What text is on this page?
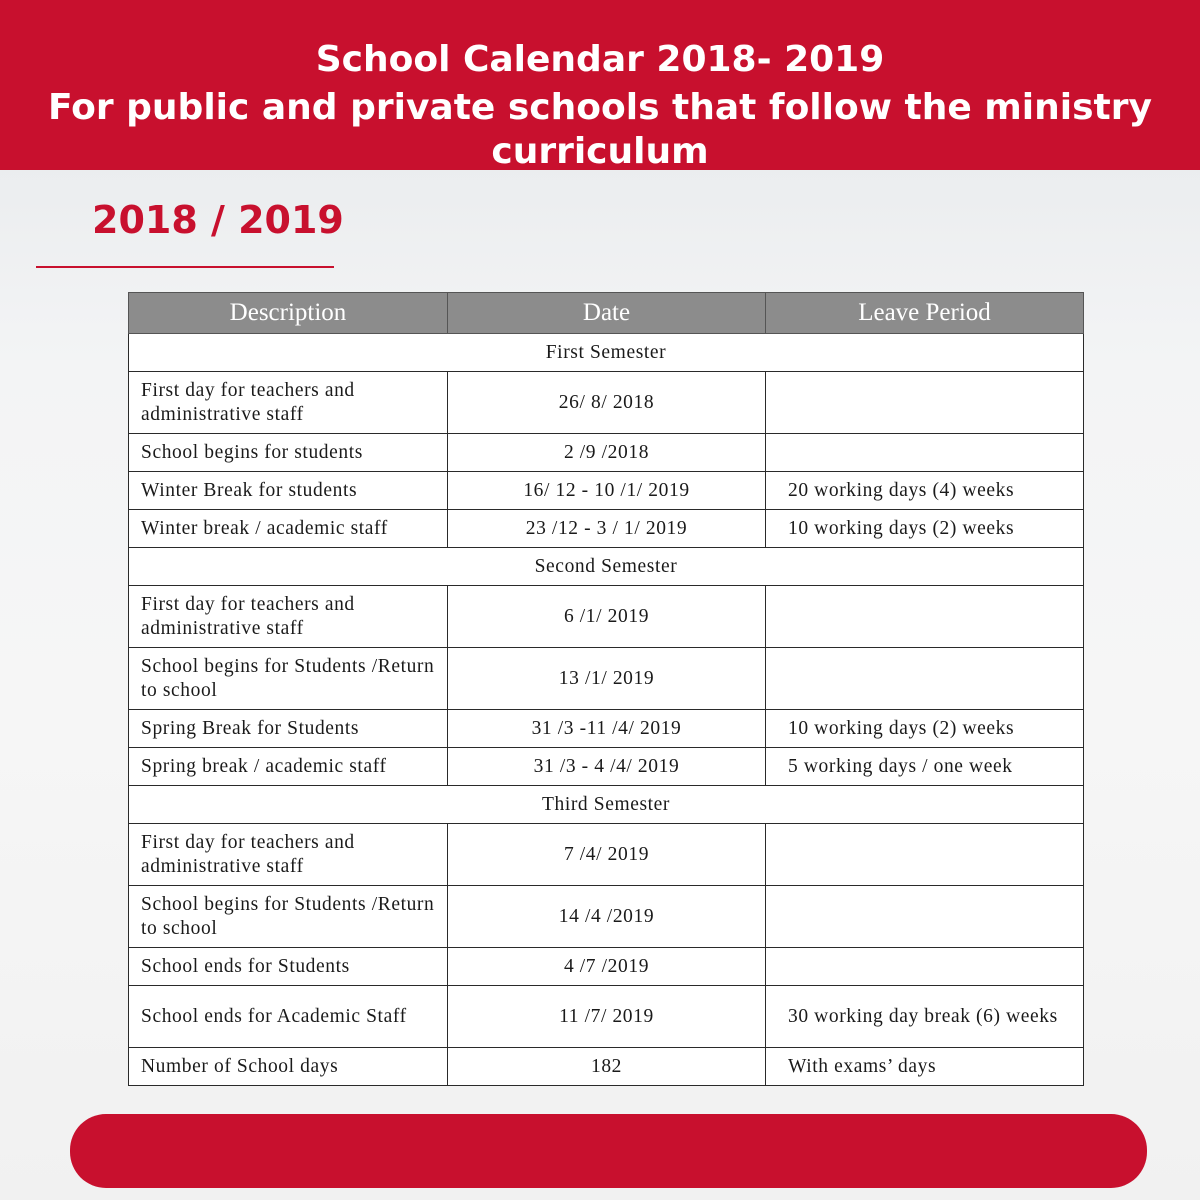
School Calendar 2018- 2019
For public and private schools that follow the ministry curriculum
2018 / 2019
Description	Date	Leave Period
First Semester		
First day for teachers and administrative staff	26/ 8/ 2018	
School begins for students	2 /9 /2018	
Winter Break for students	16/ 12 - 10 /1/ 2019	20 working days (4) weeks
Winter break / academic staff	23 /12 - 3 / 1/ 2019	10 working days (2) weeks
Second Semester		
First day for teachers and administrative staff	6 /1/ 2019	
School begins for Students /Return to school	13 /1/ 2019	
Spring Break for Students	31 /3 -11 /4/ 2019	10 working days (2) weeks
Spring break / academic staff	31 /3 - 4 /4/ 2019	5 working days / one week
Third Semester		
First day for teachers and administrative staff	7 /4/ 2019	
School begins for Students /Return to school	14 /4 /2019	
School ends for Students	4 /7 /2019	
School ends for Academic Staff	11 /7/ 2019	30 working day break (6) weeks
Number of School days	182	With exams’ days
